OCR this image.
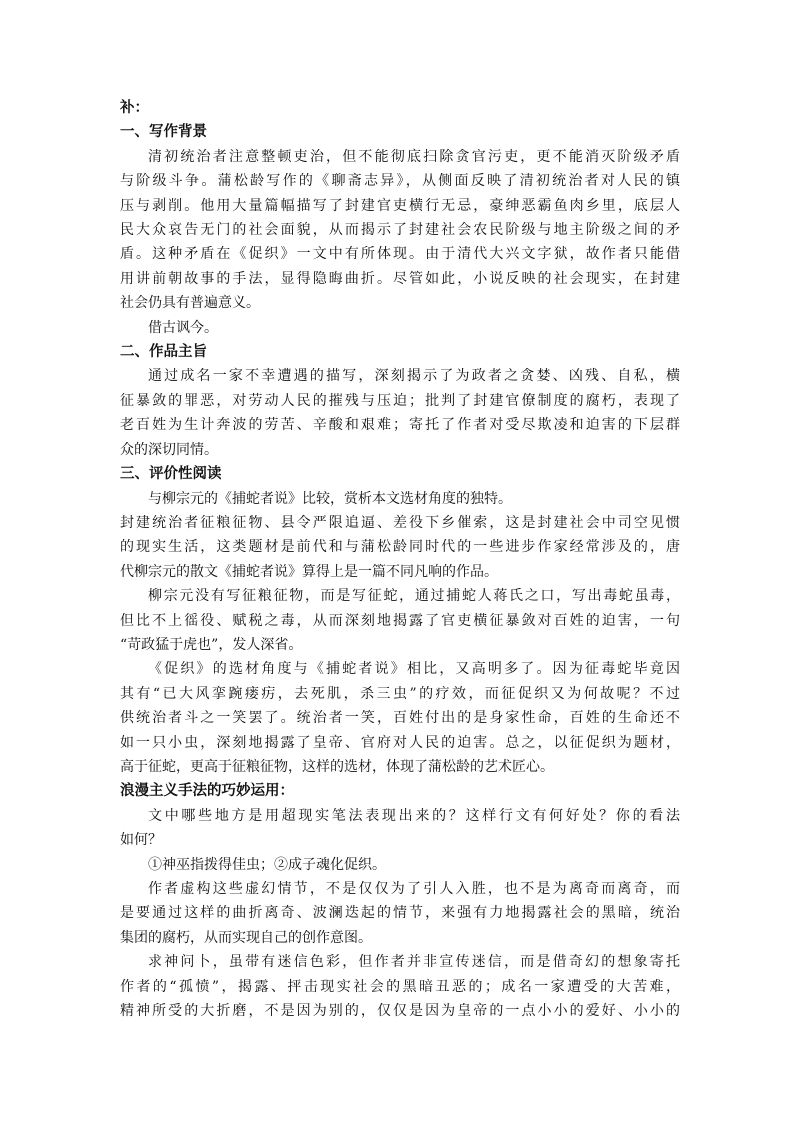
补：
一、写作背景
清初统治者注意整顿吏治，但不能彻底扫除贪官污吏，更不能消灭阶级矛盾
与阶级斗争。蒲松龄写作的《聊斋志异》，从侧面反映了清初统治者对人民的镇
压与剥削。他用大量篇幅描写了封建官吏横行无忌，豪绅恶霸鱼肉乡里，底层人
民大众哀告无门的社会面貌，从而揭示了封建社会农民阶级与地主阶级之间的矛
盾。这种矛盾在《促织》一文中有所体现。由于清代大兴文字狱，故作者只能借
用讲前朝故事的手法，显得隐晦曲折。尽管如此，小说反映的社会现实，在封建
社会仍具有普遍意义。
借古讽今。
二、作品主旨
通过成名一家不幸遭遇的描写，深刻揭示了为政者之贪婪、凶残、自私，横
征暴敛的罪恶，对劳动人民的摧残与压迫；批判了封建官僚制度的腐朽，表现了
老百姓为生计奔波的劳苦、辛酸和艰难；寄托了作者对受尽欺凌和迫害的下层群
众的深切同情。
三、评价性阅读
与柳宗元的《捕蛇者说》比较，赏析本文选材角度的独特。
封建统治者征粮征物、县令严限追逼、差役下乡催索，这是封建社会中司空见惯
的现实生活，这类题材是前代和与蒲松龄同时代的一些进步作家经常涉及的，唐
代柳宗元的散文《捕蛇者说》算得上是一篇不同凡响的作品。
柳宗元没有写征粮征物，而是写征蛇，通过捕蛇人蒋氏之口，写出毒蛇虽毒，
但比不上徭役、赋税之毒，从而深刻地揭露了官吏横征暴敛对百姓的迫害，一句
“苛政猛于虎也”，发人深省。
《促织》的选材角度与《捕蛇者说》相比，又高明多了。因为征毒蛇毕竟因
其有“已大风挛踠瘘疠，去死肌，杀三虫”的疗效，而征促织又为何故呢？不过
供统治者斗之一笑罢了。统治者一笑，百姓付出的是身家性命，百姓的生命还不
如一只小虫，深刻地揭露了皇帝、官府对人民的迫害。总之，以征促织为题材，
高于征蛇，更高于征粮征物，这样的选材，体现了蒲松龄的艺术匠心。
浪漫主义手法的巧妙运用：
文中哪些地方是用超现实笔法表现出来的？这样行文有何好处？你的看法
如何？
①神巫指拨得佳虫；②成子魂化促织。
作者虚构这些虚幻情节，不是仅仅为了引人入胜，也不是为离奇而离奇，而
是要通过这样的曲折离奇、波澜迭起的情节，来强有力地揭露社会的黑暗，统治
集团的腐朽，从而实现自己的创作意图。
求神问卜，虽带有迷信色彩，但作者并非宣传迷信，而是借奇幻的想象寄托
作者的“孤愤”，揭露、抨击现实社会的黑暗丑恶的；成名一家遭受的大苦难，
精神所受的大折磨，不是因为别的，仅仅是因为皇帝的一点小小的爱好、小小的
